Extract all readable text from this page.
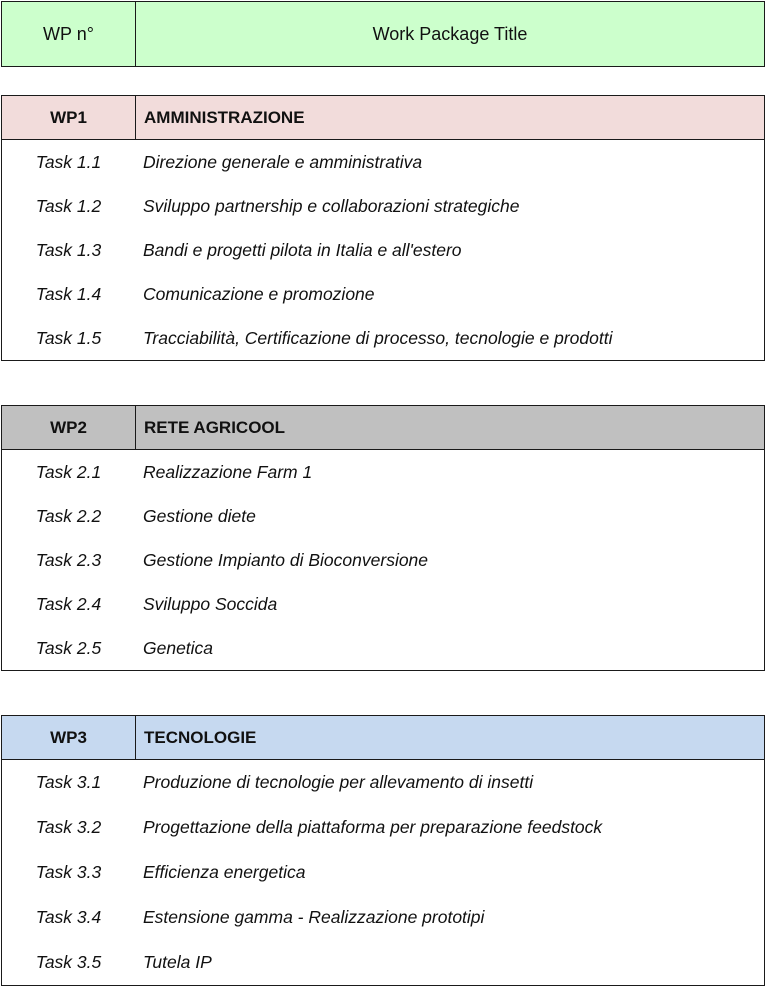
WP n°	Work Package Title
WP1	AMMINISTRAZIONE
Task 1.1	Direzione generale e amministrativa
Task 1.2	Sviluppo partnership e collaborazioni strategiche
Task 1.3	Bandi e progetti pilota in Italia e all'estero
Task 1.4	Comunicazione e promozione
Task 1.5	Tracciabilità, Certificazione di processo, tecnologie e prodotti
WP2	RETE AGRICOOL
Task 2.1	Realizzazione Farm 1
Task 2.2	Gestione diete
Task 2.3	Gestione Impianto di Bioconversione
Task 2.4	Sviluppo Soccida
Task 2.5	Genetica
WP3	TECNOLOGIE
Task 3.1	Produzione di tecnologie per allevamento di insetti
Task 3.2	Progettazione della piattaforma per preparazione feedstock
Task 3.3	Efficienza energetica
Task 3.4	Estensione gamma - Realizzazione prototipi
Task 3.5	Tutela IP
